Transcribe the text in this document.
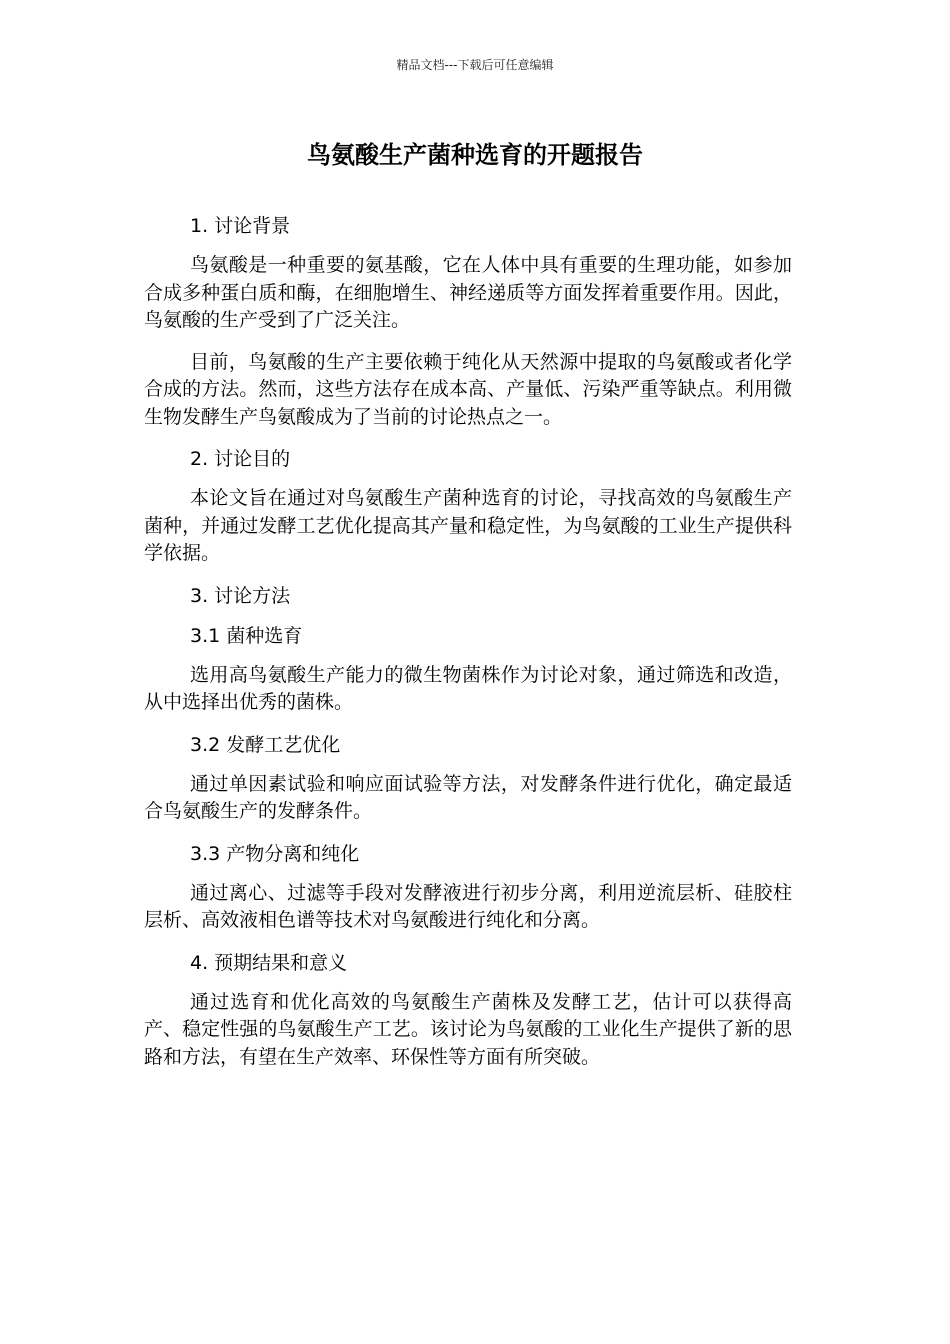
精品文档---下载后可任意编辑
鸟氨酸生产菌种选育的开题报告

1. 讨论背景

鸟氨酸是一种重要的氨基酸，它在人体中具有重要的生理功能，如参加合成多种蛋白质和酶，在细胞增生、神经递质等方面发挥着重要作用。因此，鸟氨酸的生产受到了广泛关注。

目前，鸟氨酸的生产主要依赖于纯化从天然源中提取的鸟氨酸或者化学合成的方法。然而，这些方法存在成本高、产量低、污染严重等缺点。利用微生物发酵生产鸟氨酸成为了当前的讨论热点之一。

2. 讨论目的

本论文旨在通过对鸟氨酸生产菌种选育的讨论，寻找高效的鸟氨酸生产菌种，并通过发酵工艺优化提高其产量和稳定性，为鸟氨酸的工业生产提供科学依据。

3. 讨论方法

3.1 菌种选育

选用高鸟氨酸生产能力的微生物菌株作为讨论对象，通过筛选和改造，从中选择出优秀的菌株。

3.2 发酵工艺优化

通过单因素试验和响应面试验等方法，对发酵条件进行优化，确定最适合鸟氨酸生产的发酵条件。

3.3 产物分离和纯化

通过离心、过滤等手段对发酵液进行初步分离，利用逆流层析、硅胶柱层析、高效液相色谱等技术对鸟氨酸进行纯化和分离。

4. 预期结果和意义

通过选育和优化高效的鸟氨酸生产菌株及发酵工艺，估计可以获得高产、稳定性强的鸟氨酸生产工艺。该讨论为鸟氨酸的工业化生产提供了新的思路和方法，有望在生产效率、环保性等方面有所突破。
